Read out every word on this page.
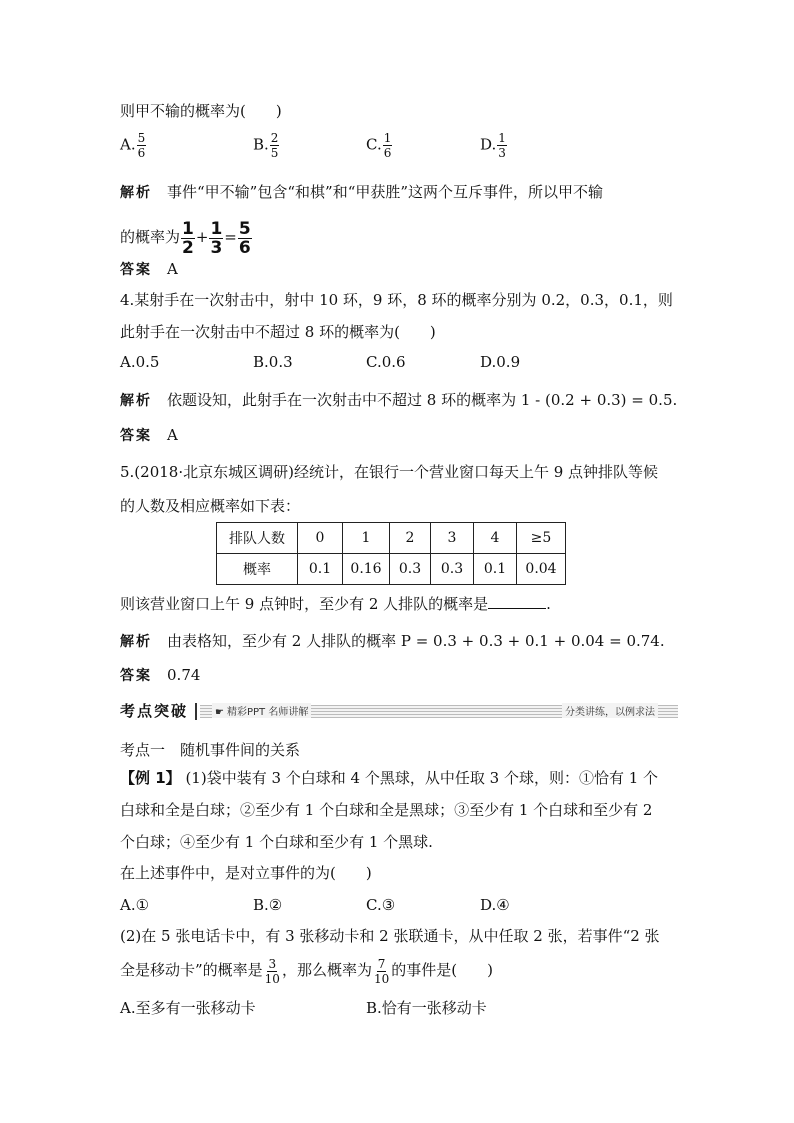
则甲不输的概率为(　　)
A. $\frac{5}{6}$	B. $\frac{2}{5}$	C. $\frac{1}{6}$	D. $\frac{1}{3}$
解析　 事件“甲不输”包含“和棋”和“甲获胜”这两个互斥事件，所以甲不输
的概率为 $\frac{1}{2} + \frac{1}{3} = \frac{5}{6}$
答案　 A
4.某射手在一次射击中，射中 10 环，9 环，8 环的概率分别为 0.2，0.3，0.1，则
此射手在一次射击中不超过 8 环的概率为(　　)
A.0.5	B.0.3	C.0.6	D.0.9
解析　 依题设知，此射手在一次射击中不超过 8 环的概率为 1 - (0.2 + 0.3) = 0.5.
答案　 A
5.(2018·北京东城区调研)经统计，在银行一个营业窗口每天上午 9 点钟排队等候
的人数及相应概率如下表：
排队人数	0	1	2	3	4	≥5
概率	0.1	0.16	0.3	0.3	0.1	0.04
则该营业窗口上午 9 点钟时，至少有 2 人排队的概率是	.
解析　 由表格知，至少有 2 人排队的概率 P = 0.3 + 0.3 + 0.1 + 0.04 = 0.74.
答案　 0.74
考点突破	☛ 精彩PPT 名师讲解	分类讲练，以例求法
考点一　随机事件间的关系
【例 1】 (1)袋中装有 3 个白球和 4 个黑球，从中任取 3 个球，则：①恰有 1 个
白球和全是白球；②至少有 1 个白球和全是黑球；③至少有 1 个白球和至少有 2
个白球；④至少有 1 个白球和至少有 1 个黑球.
在上述事件中，是对立事件的为(　　)
A.①	B.②	C.③	D.④
(2)在 5 张电话卡中，有 3 张移动卡和 2 张联通卡，从中任取 2 张，若事件“2 张
全是移动卡”的概率是 $\frac{3}{10}$ ，那么概率为 $\frac{7}{10}$ 的事件是(　　)
A.至多有一张移动卡	B.恰有一张移动卡
